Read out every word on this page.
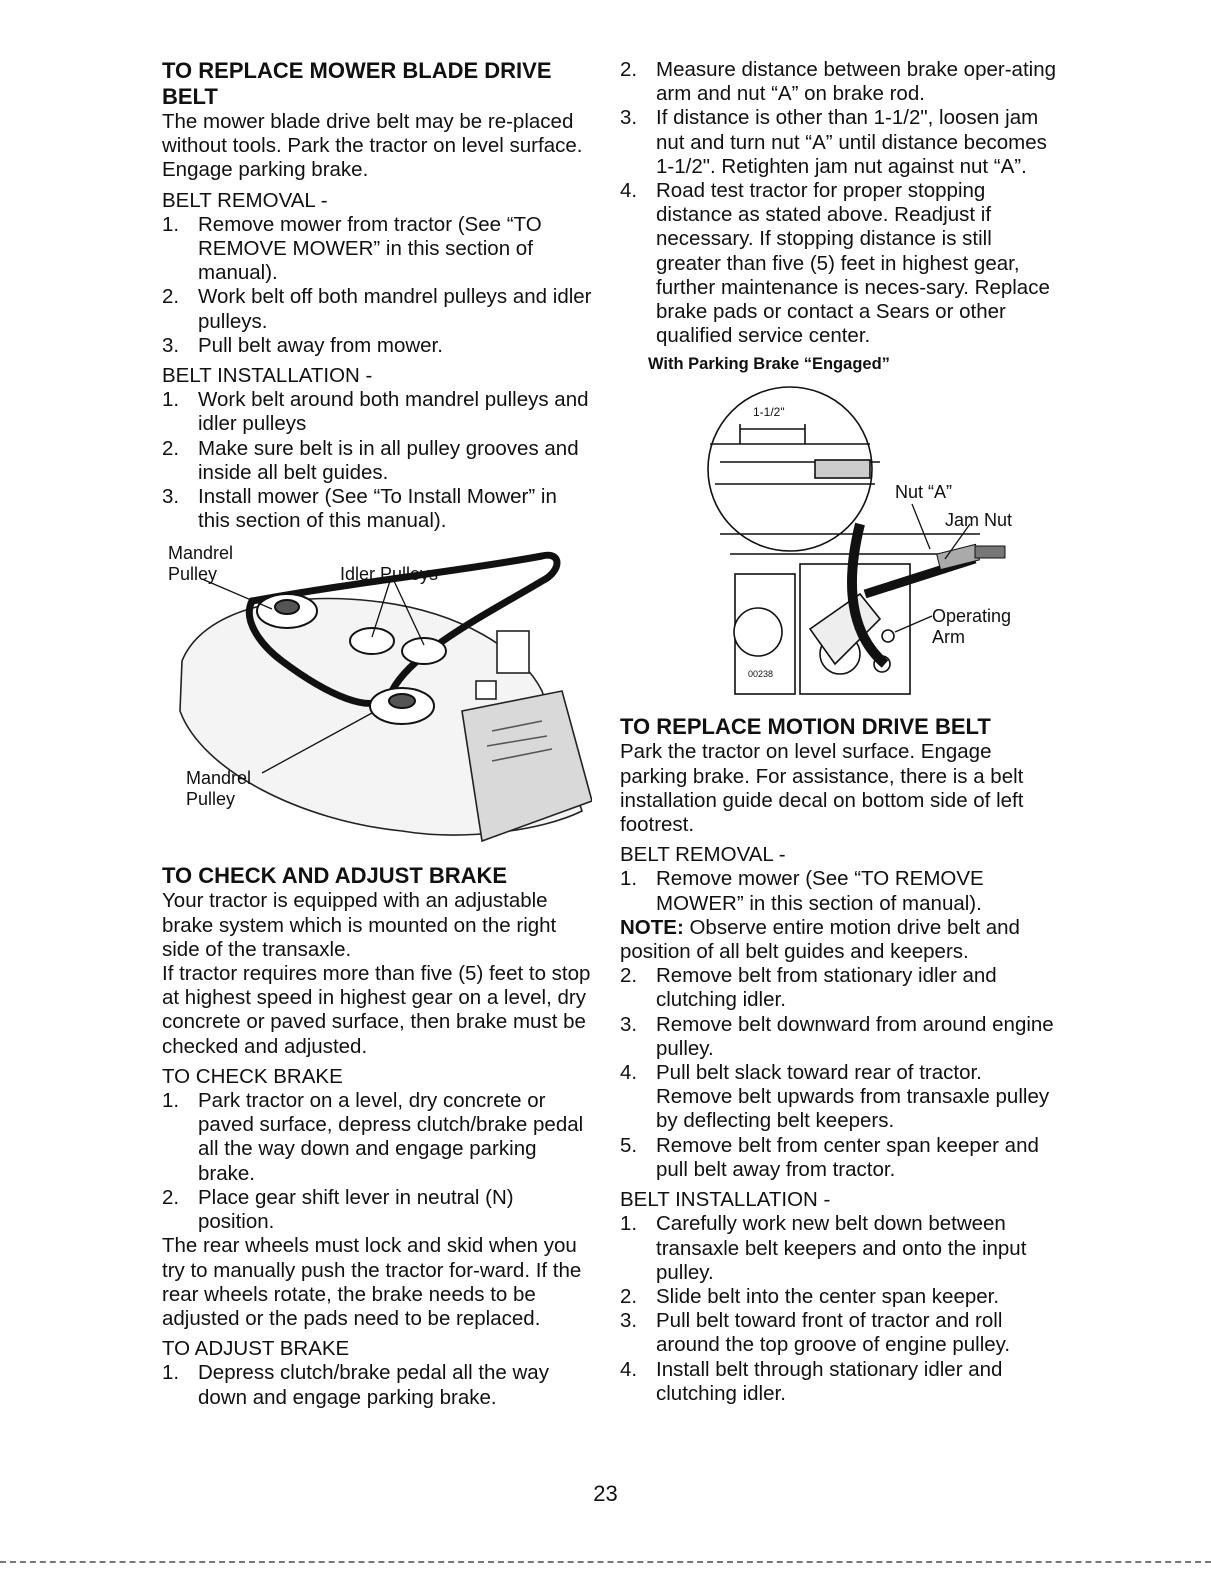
TO REPLACE MOWER BLADE DRIVE
BELT

The mower blade drive belt may be re-placed without tools. Park the tractor on level surface. Engage parking brake.

BELT REMOVAL -
1. Remove mower from tractor (See “TO REMOVE MOWER” in this section of manual).
2. Work belt off both mandrel pulleys and idler pulleys.
3. Pull belt away from mower.
BELT INSTALLATION -
1. Work belt around both mandrel pulleys and idler pulleys
2. Make sure belt is in all pulley grooves and inside all belt guides.
3. Install mower (See “To Install Mower” in this section of this manual).
Mandrel
Pulley	Idler Pulleys
Mandrel
Pulley
TO CHECK AND ADJUST BRAKE

Your tractor is equipped with an adjustable brake system which is mounted on the right side of the transaxle.

If tractor requires more than five (5) feet to stop at highest speed in highest gear on a level, dry concrete or paved surface, then brake must be checked and adjusted.

TO CHECK BRAKE
1. Park tractor on a level, dry concrete or paved surface, depress clutch/brake pedal all the way down and engage parking brake.
2. Place gear shift lever in neutral (N) position.

The rear wheels must lock and skid when you try to manually push the tractor for-ward. If the rear wheels rotate, the brake needs to be adjusted or the pads need to be replaced.

TO ADJUST BRAKE
1. Depress clutch/brake pedal all the way down and engage parking brake.
2. Measure distance between brake oper-ating arm and nut “A” on brake rod.
3. If distance is other than 1-1/2", loosen jam nut and turn nut “A” until distance becomes 1-1/2". Retighten jam nut against nut “A”.
4. Road test tractor for proper stopping distance as stated above. Readjust if necessary. If stopping distance is still greater than five (5) feet in highest gear, further maintenance is neces-sary. Replace brake pads or contact a Sears or other qualified service center.
With Parking Brake “Engaged”
00238
1-1/2"
Nut “A”
Jam Nut
Operating
Arm
TO REPLACE MOTION DRIVE BELT

Park the tractor on level surface. Engage parking brake. For assistance, there is a belt installation guide decal on bottom side of left footrest.

BELT REMOVAL -
1. Remove mower (See “TO REMOVE MOWER” in this section of manual).

NOTE: Observe entire motion drive belt and position of all belt guides and keepers.

2. Remove belt from stationary idler and clutching idler.
3. Remove belt downward from around engine pulley.
4. Pull belt slack toward rear of tractor. Remove belt upwards from transaxle pulley by deflecting belt keepers.
5. Remove belt from center span keeper and pull belt away from tractor.
BELT INSTALLATION -
1. Carefully work new belt down between transaxle belt keepers and onto the input pulley.
2. Slide belt into the center span keeper.
3. Pull belt toward front of tractor and roll around the top groove of engine pulley.
4. Install belt through stationary idler and clutching idler.
23
